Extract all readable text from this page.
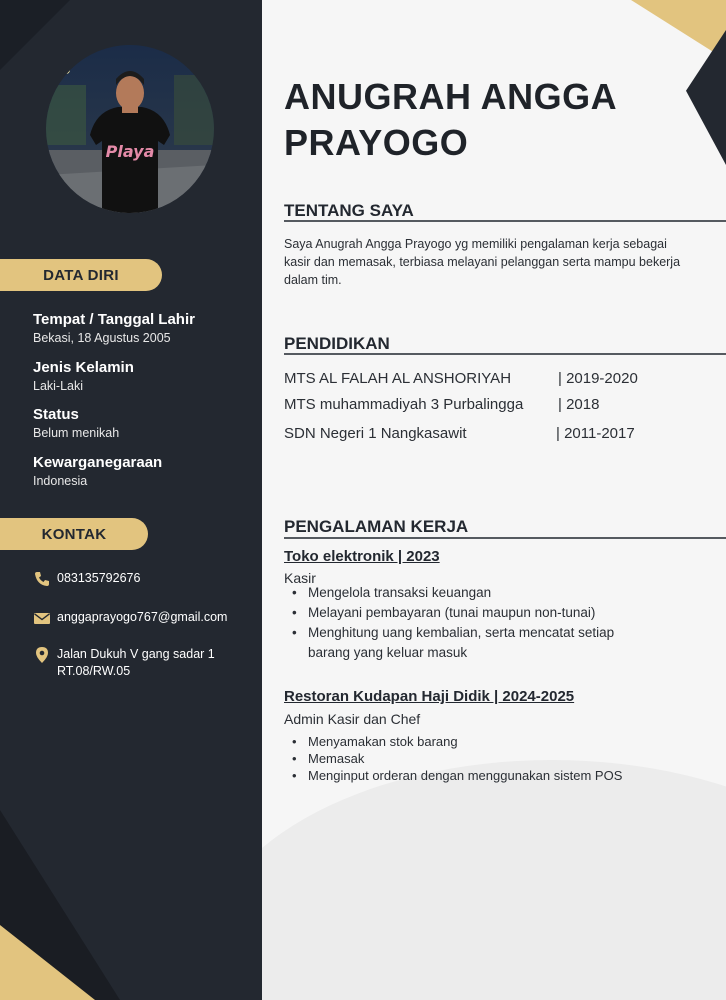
Playa
DATA DIRI
Tempat / Tanggal Lahir
Bekasi, 18 Agustus 2005
Jenis Kelamin
Laki-Laki
Status
Belum menikah
Kewarganegaraan
Indonesia
KONTAK
083135792676
anggaprayogo767@gmail.com
Jalan Dukuh V gang sadar 1
RT.08/RW.05
ANUGRAH ANGGA
PRAYOGO
TENTANG SAYA
Saya Anugrah Angga Prayogo yg memiliki pengalaman kerja sebagai kasir dan memasak, terbiasa melayani pelanggan serta mampu bekerja dalam tim.
PENDIDIKAN
MTS AL FALAH AL ANSHORIYAH	| 2019-2020
MTS muhammadiyah 3 Purbalingga | 2018
SDN Negeri 1 Nangkasawit	| 2011-2017
PENGALAMAN KERJA
Toko elektronik | 2023
Kasir
• Mengelola transaksi keuangan
• Melayani pembayaran (tunai maupun non-tunai)
• Menghitung uang kembalian, serta mencatat setiap barang yang keluar masuk
Restoran Kudapan Haji Didik | 2024-2025
Admin Kasir dan Chef
• Menyamakan stok barang
• Memasak
• Menginput orderan dengan menggunakan sistem POS
